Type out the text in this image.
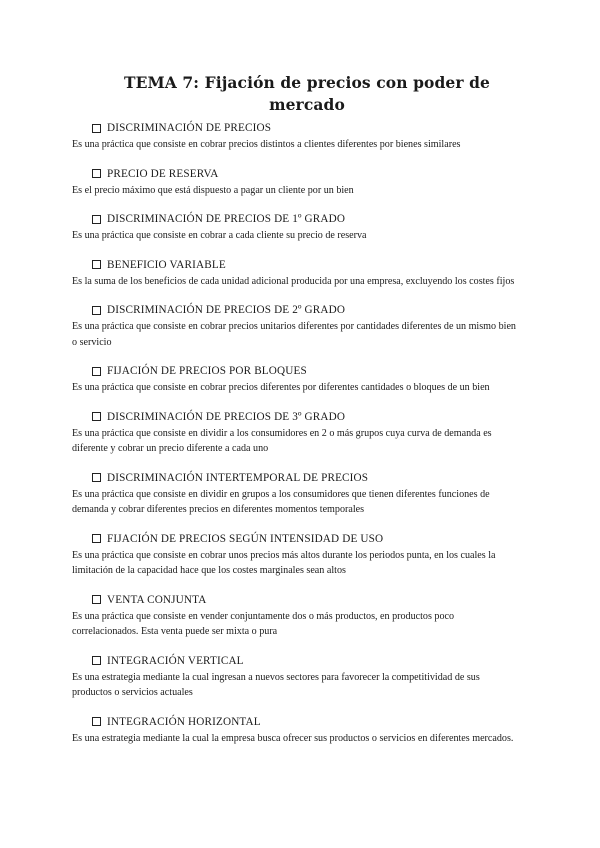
TEMA 7: Fijación de precios con poder de mercado
DISCRIMINACIÓN DE PRECIOS

Es una práctica que consiste en cobrar precios distintos a clientes diferentes por bienes similares

PRECIO DE RESERVA

Es el precio máximo que está dispuesto a pagar un cliente por un bien

DISCRIMINACIÓN DE PRECIOS DE 1º GRADO

Es una práctica que consiste en cobrar a cada cliente su precio de reserva

BENEFICIO VARIABLE

Es la suma de los beneficios de cada unidad adicional producida por una empresa, excluyendo los costes fijos

DISCRIMINACIÓN DE PRECIOS DE 2º GRADO

Es una práctica que consiste en cobrar precios unitarios diferentes por cantidades diferentes de un mismo bien o servicio

FIJACIÓN DE PRECIOS POR BLOQUES

Es una práctica que consiste en cobrar precios diferentes por diferentes cantidades o bloques de un bien

DISCRIMINACIÓN DE PRECIOS DE 3º GRADO

Es una práctica que consiste en dividir a los consumidores en 2 o más grupos cuya curva de demanda es diferente y cobrar un precio diferente a cada uno

DISCRIMINACIÓN INTERTEMPORAL DE PRECIOS

Es una práctica que consiste en dividir en grupos a los consumidores que tienen diferentes funciones de demanda y cobrar diferentes precios en diferentes momentos temporales

FIJACIÓN DE PRECIOS SEGÚN INTENSIDAD DE USO

Es una práctica que consiste en cobrar unos precios más altos durante los periodos punta, en los cuales la limitación de la capacidad hace que los costes marginales sean altos

VENTA CONJUNTA

Es una práctica que consiste en vender conjuntamente dos o más productos, en productos poco correlacionados. Esta venta puede ser mixta o pura

INTEGRACIÓN VERTICAL

Es una estrategia mediante la cual ingresan a nuevos sectores para favorecer la competitividad de sus productos o servicios actuales

INTEGRACIÓN HORIZONTAL

Es una estrategia mediante la cual la empresa busca ofrecer sus productos o servicios en diferentes mercados.
